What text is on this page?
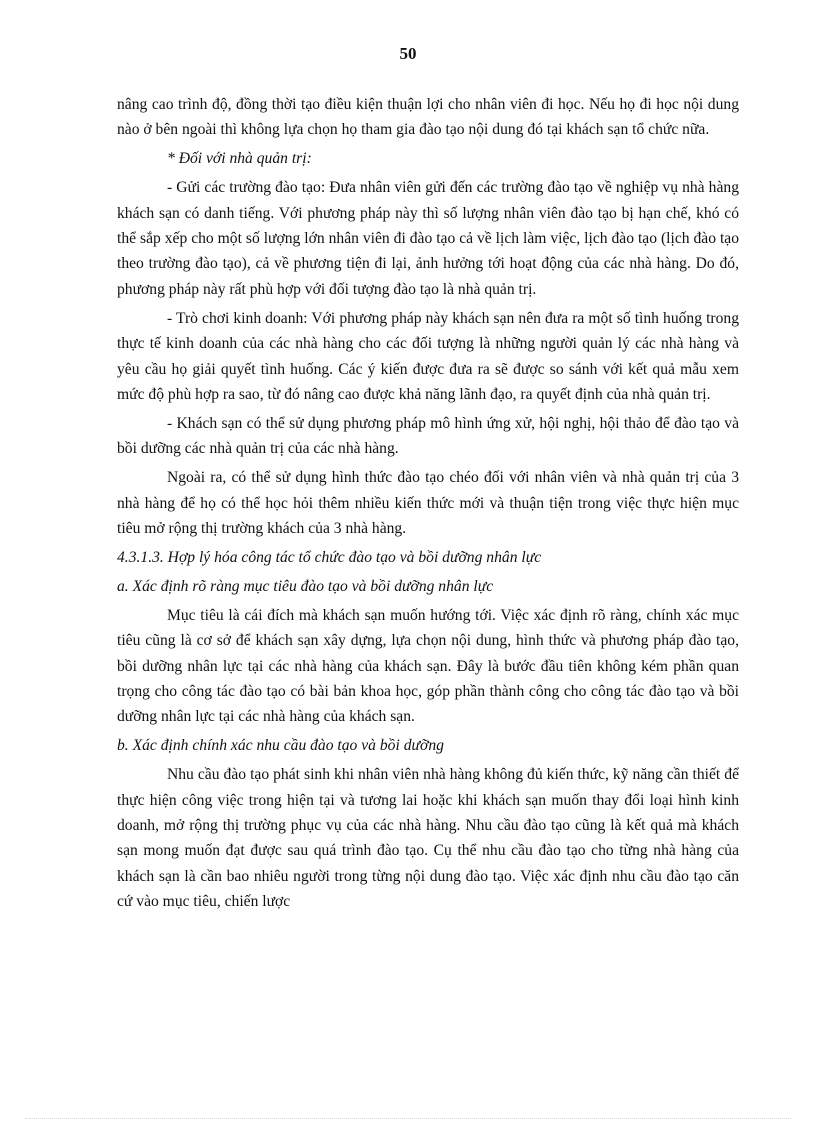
50

nâng cao trình độ, đồng thời tạo điều kiện thuận lợi cho nhân viên đi học. Nếu họ đi học nội dung nào ở bên ngoài thì không lựa chọn họ tham gia đào tạo nội dung đó tại khách sạn tổ chức nữa.

* Đối với nhà quản trị:

- Gửi các trường đào tạo: Đưa nhân viên gửi đến các trường đào tạo về nghiệp vụ nhà hàng khách sạn có danh tiếng. Với phương pháp này thì số lượng nhân viên đào tạo bị hạn chế, khó có thể sắp xếp cho một số lượng lớn nhân viên đi đào tạo cả về lịch làm việc, lịch đào tạo (lịch đào tạo theo trường đào tạo), cả về phương tiện đi lại, ảnh hưởng tới hoạt động của các nhà hàng. Do đó, phương pháp này rất phù hợp với đối tượng đào tạo là nhà quản trị.

- Trò chơi kinh doanh: Với phương pháp này khách sạn nên đưa ra một số tình huống trong thực tế kinh doanh của các nhà hàng cho các đối tượng là những người quản lý các nhà hàng và yêu cầu họ giải quyết tình huống. Các ý kiến được đưa ra sẽ được so sánh với kết quả mẫu xem mức độ phù hợp ra sao, từ đó nâng cao được khả năng lãnh đạo, ra quyết định của nhà quản trị.

- Khách sạn có thể sử dụng phương pháp mô hình ứng xử, hội nghị, hội thảo để đào tạo và bồi dưỡng các nhà quản trị của các nhà hàng.

Ngoài ra, có thể sử dụng hình thức đào tạo chéo đối với nhân viên và nhà quản trị của 3 nhà hàng để họ có thể học hỏi thêm nhiều kiến thức mới và thuận tiện trong việc thực hiện mục tiêu mở rộng thị trường khách của 3 nhà hàng.

4.3.1.3. Hợp lý hóa công tác tổ chức đào tạo và bồi dưỡng nhân lực

a. Xác định rõ ràng mục tiêu đào tạo và bồi dưỡng nhân lực

Mục tiêu là cái đích mà khách sạn muốn hướng tới. Việc xác định rõ ràng, chính xác mục tiêu cũng là cơ sở để khách sạn xây dựng, lựa chọn nội dung, hình thức và phương pháp đào tạo, bồi dưỡng nhân lực tại các nhà hàng của khách sạn. Đây là bước đầu tiên không kém phần quan trọng cho công tác đào tạo có bài bản khoa học, góp phần thành công cho công tác đào tạo và bồi dưỡng nhân lực tại các nhà hàng của khách sạn.

b. Xác định chính xác nhu cầu đào tạo và bồi dưỡng

Nhu cầu đào tạo phát sinh khi nhân viên nhà hàng không đủ kiến thức, kỹ năng cần thiết để thực hiện công việc trong hiện tại và tương lai hoặc khi khách sạn muốn thay đổi loại hình kinh doanh, mở rộng thị trường phục vụ của các nhà hàng. Nhu cầu đào tạo cũng là kết quả mà khách sạn mong muốn đạt được sau quá trình đào tạo. Cụ thể nhu cầu đào tạo cho từng nhà hàng của khách sạn là cần bao nhiêu người trong từng nội dung đào tạo. Việc xác định nhu cầu đào tạo căn cứ vào mục tiêu, chiến lược
